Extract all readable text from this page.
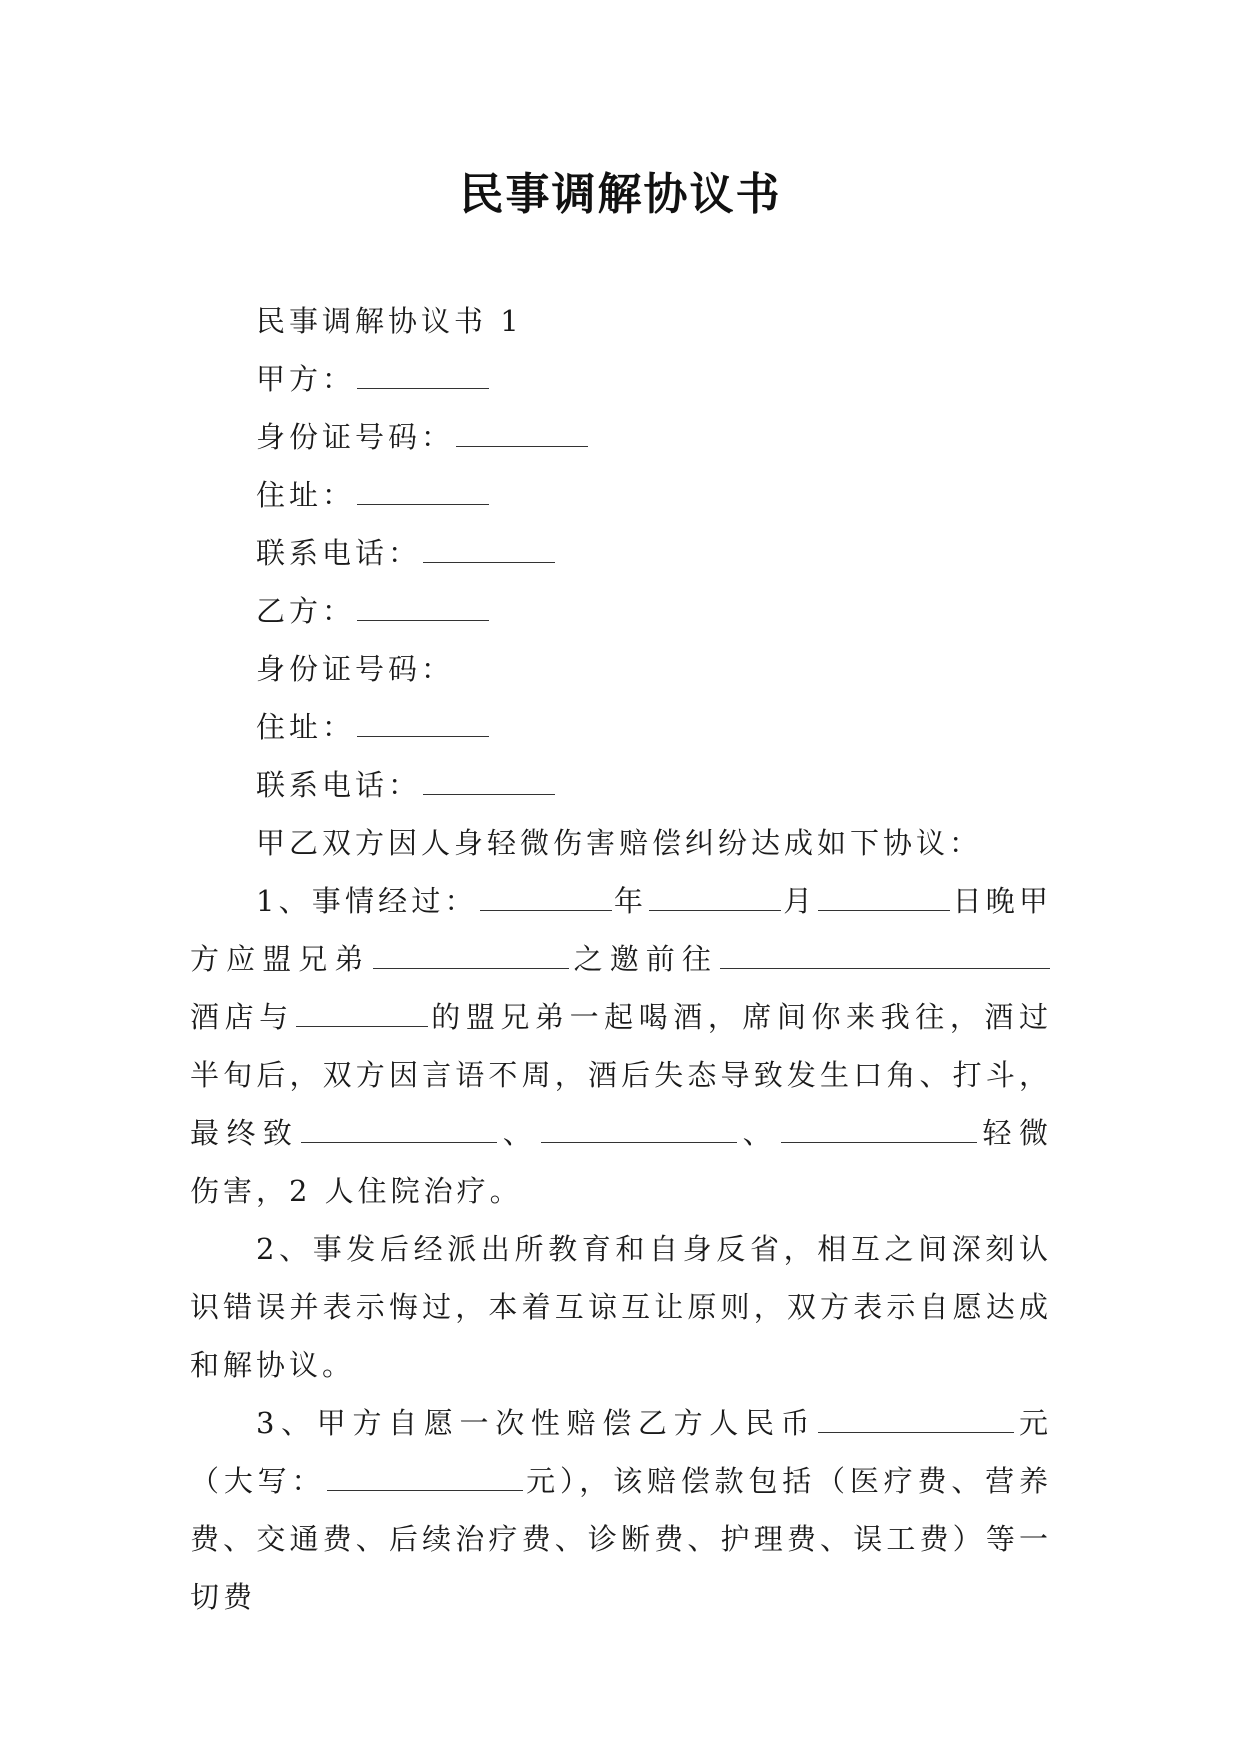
民事调解协议书

民事调解协议书 1

甲方：

身份证号码：

住址：

联系电话：

乙方：

身份证号码：

住址：

联系电话：

甲乙双方因人身轻微伤害赔偿纠纷达成如下协议：

1、事情经过：	年	月	日晚甲方应盟兄弟	之邀前往酒店与	的盟兄弟一起喝酒，席间你来我往，酒过半旬后，双方因言语不周，酒后失态导致发生口角、打斗，最终致	、	、	轻微伤害，2 人住院治疗。

2、事发后经派出所教育和自身反省，相互之间深刻认识错误并表示悔过，本着互谅互让原则，双方表示自愿达成和解协议。

3、甲方自愿一次性赔偿乙方人民币	元（大写：	元），该赔偿款包括（医疗费、营养费、交通费、后续治疗费、诊断费、护理费、误工费）等一切费
